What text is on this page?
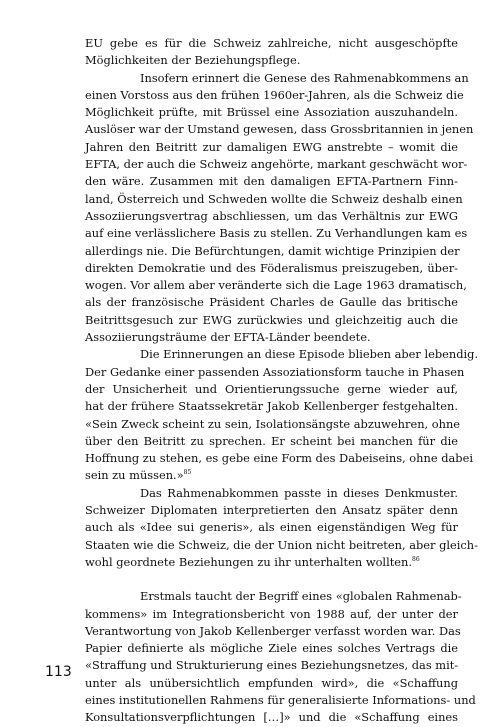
EU gebe es für die Schweiz zahlreiche, nicht ausgeschöpfte
Möglichkeiten der Beziehungspflege.

Insofern erinnert die Genese des Rahmenabkommens an
einen Vorstoss aus den frühen 1960er-Jahren, als die Schweiz die
Möglichkeit prüfte, mit Brüssel eine Assoziation auszuhandeln.
Auslöser war der Umstand gewesen, dass Grossbritannien in jenen
Jahren den Beitritt zur damaligen EWG anstrebte – womit die
EFTA, der auch die Schweiz angehörte, markant geschwächt wor-
den wäre. Zusammen mit den damaligen EFTA-Partnern Finn-
land, Österreich und Schweden wollte die Schweiz deshalb einen
Assoziierungsvertrag abschliessen, um das Verhältnis zur EWG
auf eine verlässlichere Basis zu stellen. Zu Verhandlungen kam es
allerdings nie. Die Befürchtungen, damit wichtige Prinzipien der
direkten Demokratie und des Föderalismus preiszugeben, über-
wogen. Vor allem aber veränderte sich die Lage 1963 dramatisch,
als der französische Präsident Charles de Gaulle das britische
Beitrittsgesuch zur EWG zurückwies und gleichzeitig auch die
Assoziierungsträume der EFTA-Länder beendete.

Die Erinnerungen an diese Episode blieben aber lebendig.
Der Gedanke einer passenden Assoziationsform tauche in Phasen
der Unsicherheit und Orientierungssuche gerne wieder auf,
hat der frühere Staatssekretär Jakob Kellenberger festgehalten.
«Sein Zweck scheint zu sein, Isolationsängste abzuwehren, ohne
über den Beitritt zu sprechen. Er scheint bei manchen für die
Hoffnung zu stehen, es gebe eine Form des Dabeiseins, ohne dabei
sein zu müssen.»$^{85}$

Das Rahmenabkommen passte in dieses Denkmuster.
Schweizer Diplomaten interpretierten den Ansatz später denn
auch als «Idee sui generis», als einen eigenständigen Weg für
Staaten wie die Schweiz, die der Union nicht beitreten, aber gleich-
wohl geordnete Beziehungen zu ihr unterhalten wollten.$^{86}$

Erstmals taucht der Begriff eines «globalen Rahmenab-
kommens» im Integrationsbericht von 1988 auf, der unter der
Verantwortung von Jakob Kellenberger verfasst worden war. Das
Papier definierte als mögliche Ziele eines solches Vertrags die
«Straffung und Strukturierung eines Beziehungsnetzes, das mit-
unter als unübersichtlich empfunden wird», die «Schaffung
eines institutionellen Rahmens für generalisierte Informations- und
Konsultationsverpflichtungen […]» und die «Schaffung eines

113
